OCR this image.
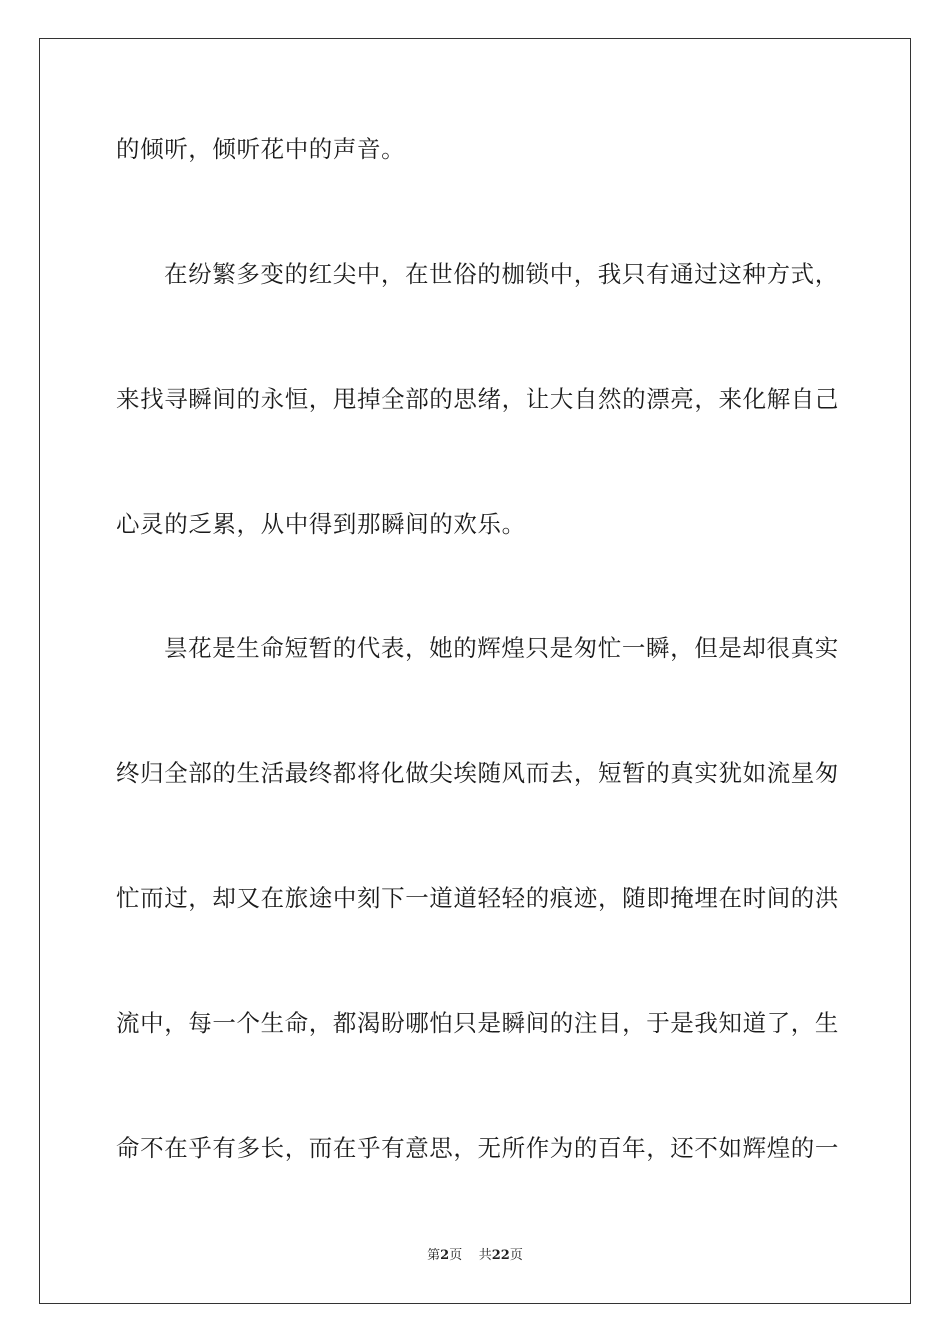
的倾听，倾听花中的声音。
在纷繁多变的红尖中，在世俗的枷锁中，我只有通过这种方式，
来找寻瞬间的永恒，甩掉全部的思绪，让大自然的漂亮，来化解自己
心灵的乏累，从中得到那瞬间的欢乐。
昙花是生命短暂的代表，她的辉煌只是匆忙一瞬，但是却很真实
终归全部的生活最终都将化做尖埃随风而去，短暂的真实犹如流星匆
忙而过，却又在旅途中刻下一道道轻轻的痕迹，随即掩埋在时间的洪
流中，每一个生命，都渴盼哪怕只是瞬间的注目，于是我知道了，生
命不在乎有多长，而在乎有意思，无所作为的百年，还不如辉煌的一
第2页 共22页
